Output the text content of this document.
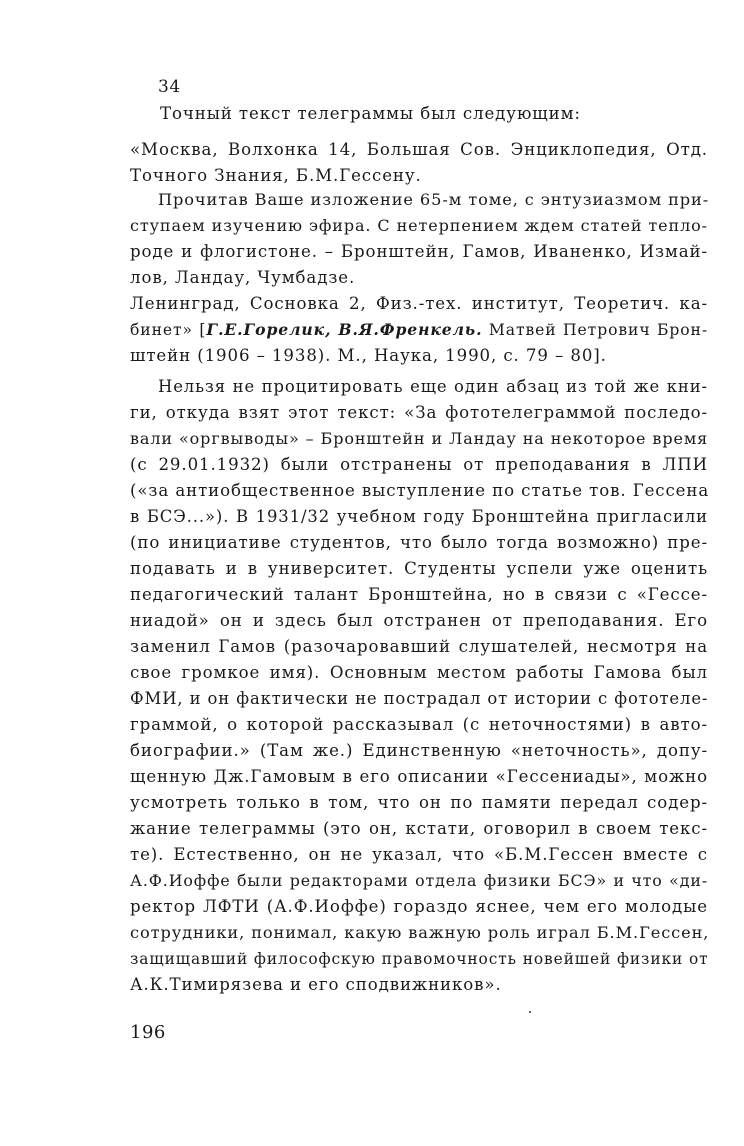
34
Точный текст телеграммы был следующим:
«Москва, Волхонка 14, Большая Сов. Энциклопедия, Отд.
Точного Знания, Б.М.Гессену.
Прочитав Ваше изложение 65-м томе, с энтузиазмом при-
ступаем изучению эфира. С нетерпением ждем статей тепло-
роде и флогистоне. – Бронштейн, Гамов, Иваненко, Измай-
лов, Ландау, Чумбадзе.
Ленинград, Сосновка 2, Физ.-тех. институт, Теоретич. ка-
бинет» [Г.Е.Горелик, В.Я.Френкель. Матвей Петрович Брон-
штейн (1906 – 1938). М., Наука, 1990, с. 79 – 80].
Нельзя не процитировать еще один абзац из той же кни-
ги, откуда взят этот текст: «За фототелеграммой последо-
вали «оргвыводы» – Бронштейн и Ландау на некоторое время
(с 29.01.1932) были отстранены от преподавания в ЛПИ
(«за антиобщественное выступление по статье тов. Гессена
в БСЭ...»). В 1931/32 учебном году Бронштейна пригласили
(по инициативе студентов, что было тогда возможно) пре-
подавать и в университет. Студенты успели уже оценить
педагогический талант Бронштейна, но в связи с «Гессе-
ниадой» он и здесь был отстранен от преподавания. Его
заменил Гамов (разочаровавший слушателей, несмотря на
свое громкое имя). Основным местом работы Гамова был
ФМИ, и он фактически не пострадал от истории с фототеле-
граммой, о которой рассказывал (с неточностями) в авто-
биографии.» (Там же.) Единственную «неточность», допу-
щенную Дж.Гамовым в его описании «Гессениады», можно
усмотреть только в том, что он по памяти передал содер-
жание телеграммы (это он, кстати, оговорил в своем текс-
те). Естественно, он не указал, что «Б.М.Гессен вместе с
А.Ф.Иоффе были редакторами отдела физики БСЭ» и что «ди-
ректор ЛФТИ (А.Ф.Иоффе) гораздо яснее, чем его молодые
сотрудники, понимал, какую важную роль играл Б.М.Гессен,
защищавший философскую правомочность новейшей физики от
А.К.Тимирязева и его сподвижников».
196
